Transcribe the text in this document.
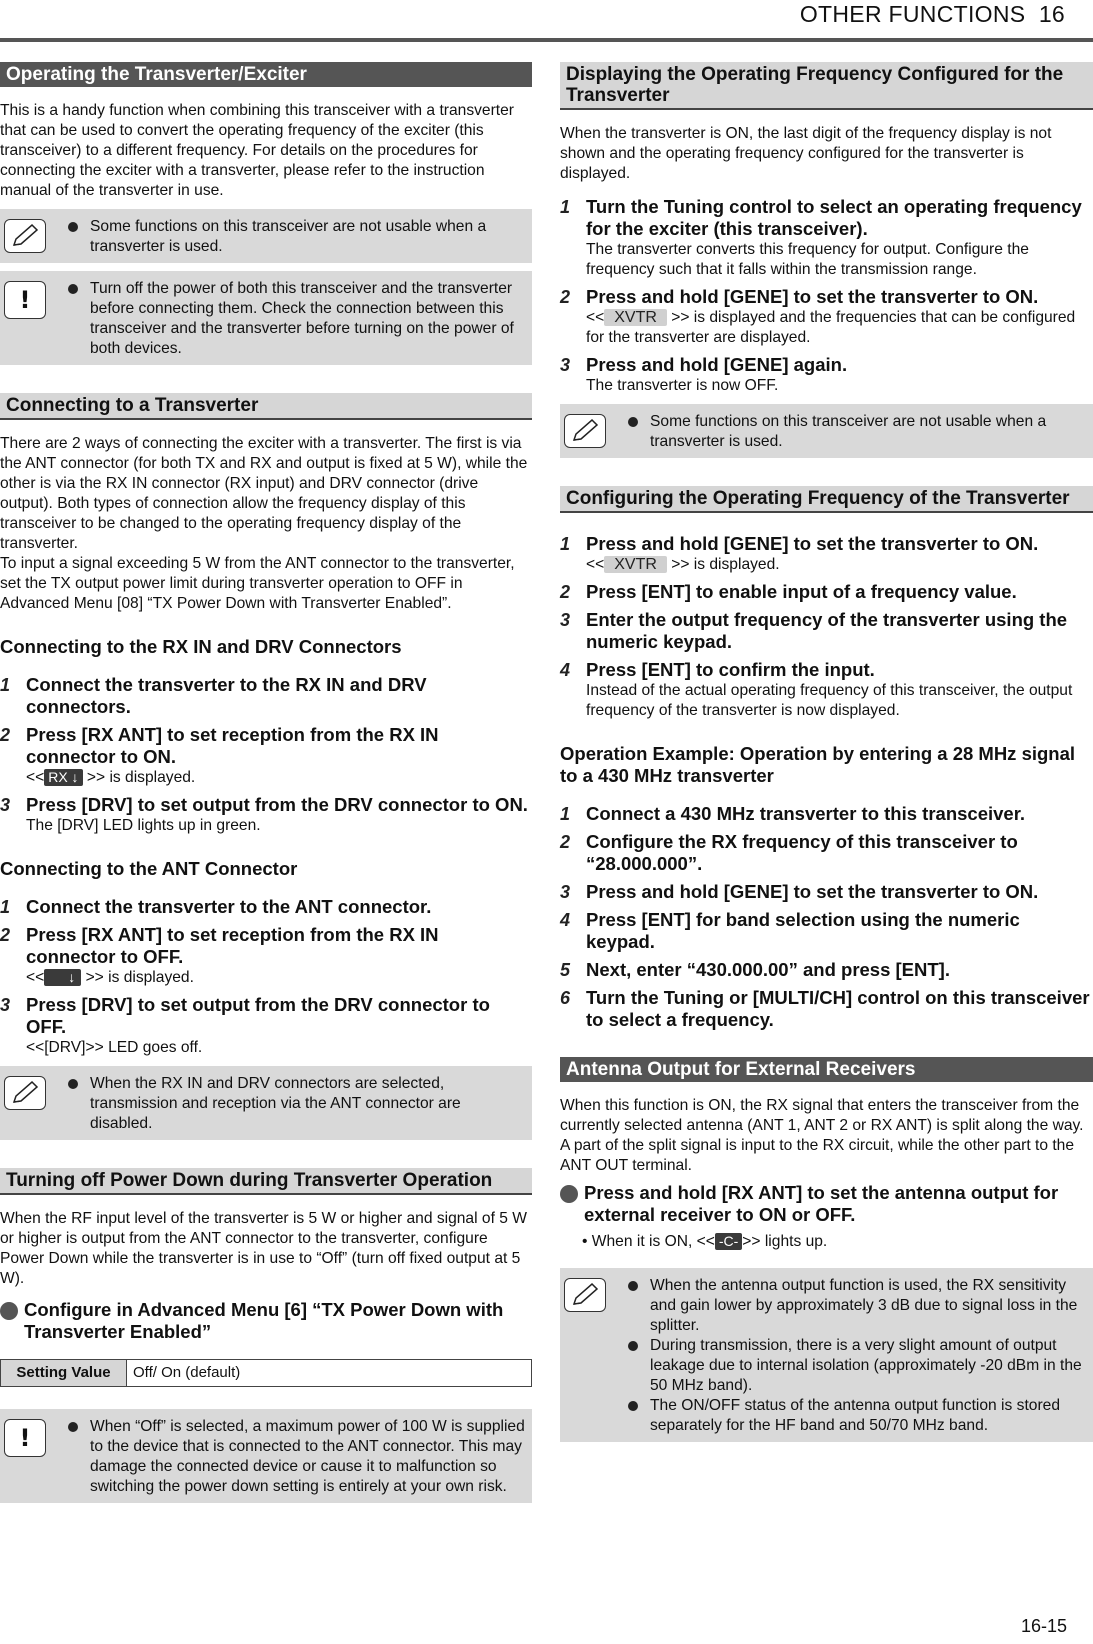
OTHER FUNCTIONS 16
Operating the Transverter/Exciter

This is a handy function when combining this transceiver with a transverter that can be used to convert the operating frequency of the exciter (this transceiver) to a different frequency. For details on the procedures for connecting the exciter with a transverter, please refer to the instruction manual of the transverter in use.

Some functions on this transceiver are not usable when a transverter is used.
!	Turn off the power of both this transceiver and the transverter before connecting them. Check the connection between this transceiver and the transverter before turning on the power of both devices.
Connecting to a Transverter

There are 2 ways of connecting the exciter with a transverter. The first is via the ANT connector (for both TX and RX and output is fixed at 5 W), while the other is via the RX IN connector (RX input) and DRV connector (drive output). Both types of connection allow the frequency display of this transceiver to be changed to the operating frequency display of the transverter.

To input a signal exceeding 5 W from the ANT connector to the transverter, set the TX output power limit during transverter operation to OFF in Advanced Menu [08] “TX Power Down with Transverter Enabled”.

Connecting to the RX IN and DRV Connectors
1 Connect the transverter to the RX IN and DRV connectors.
2 Press [RX ANT] to set reception from the RX IN connector to ON.
<< RX ↓ >> is displayed.
3 Press [DRV] to set output from the DRV connector to ON.
The [DRV] LED lights up in green.
Connecting to the ANT Connector
1 Connect the transverter to the ANT connector.
2 Press [RX ANT] to set reception from the RX IN connector to OFF.
<< ↓ >> is displayed.
3 Press [DRV] to set output from the DRV connector to OFF.
<<[DRV]>> LED goes off.
When the RX IN and DRV connectors are selected, transmission and reception via the ANT connector are disabled.
Turning off Power Down during Transverter Operation

When the RF input level of the transverter is 5 W or higher and signal of 5 W or higher is output from the ANT connector to the transverter, configure Power Down while the transverter is in use to “Off” (turn off fixed output at 5 W).

Configure in Advanced Menu [6] “TX Power Down with Transverter Enabled”
Setting Value	Off/ On (default)
!	When “Off” is selected, a maximum power of 100 W is supplied to the device that is connected to the ANT connector. This may damage the connected device or cause it to malfunction so switching the power down setting is entirely at your own risk.
Displaying the Operating Frequency Configured for the Transverter

When the transverter is ON, the last digit of the frequency display is not shown and the operating frequency configured for the transverter is displayed.

1 Turn the Tuning control to select an operating frequency for the exciter (this transceiver).
The transverter converts this frequency for output. Configure the frequency such that it falls within the transmission range.
2 Press and hold [GENE] to set the transverter to ON.
<< XVTR >> is displayed and the frequencies that can be configured for the transverter are displayed.
3 Press and hold [GENE] again.
The transverter is now OFF.
Some functions on this transceiver are not usable when a transverter is used.
Configuring the Operating Frequency of the Transverter
1 Press and hold [GENE] to set the transverter to ON.
<< XVTR >> is displayed.
2 Press [ENT] to enable input of a frequency value.
3 Enter the output frequency of the transverter using the numeric keypad.
4 Press [ENT] to confirm the input.
Instead of the actual operating frequency of this transceiver, the output frequency of the transverter is now displayed.
Operation Example: Operation by entering a 28 MHz signal to a 430 MHz transverter
1 Connect a 430 MHz transverter to this transceiver.
2 Configure the RX frequency of this transceiver to “28.000.000”.
3 Press and hold [GENE] to set the transverter to ON.
4 Press [ENT] for band selection using the numeric keypad.
5 Next, enter “430.000.00” and press [ENT].
6 Turn the Tuning or [MULTI/CH] control on this transceiver to select a frequency.
Antenna Output for External Receivers

When this function is ON, the RX signal that enters the transceiver from the currently selected antenna (ANT 1, ANT 2 or RX ANT) is split along the way. A part of the split signal is input to the RX circuit, while the other part to the ANT OUT terminal.

Press and hold [RX ANT] to set the antenna output for external receiver to ON or OFF.
• When it is ON, << -C- >> lights up.
When the antenna output function is used, the RX sensitivity and gain lower by approximately 3 dB due to signal loss in the splitter.
During transmission, there is a very slight amount of output leakage due to internal isolation (approximately -20 dBm in the 50 MHz band).
The ON/OFF status of the antenna output function is stored separately for the HF band and 50/70 MHz band.
16-15
